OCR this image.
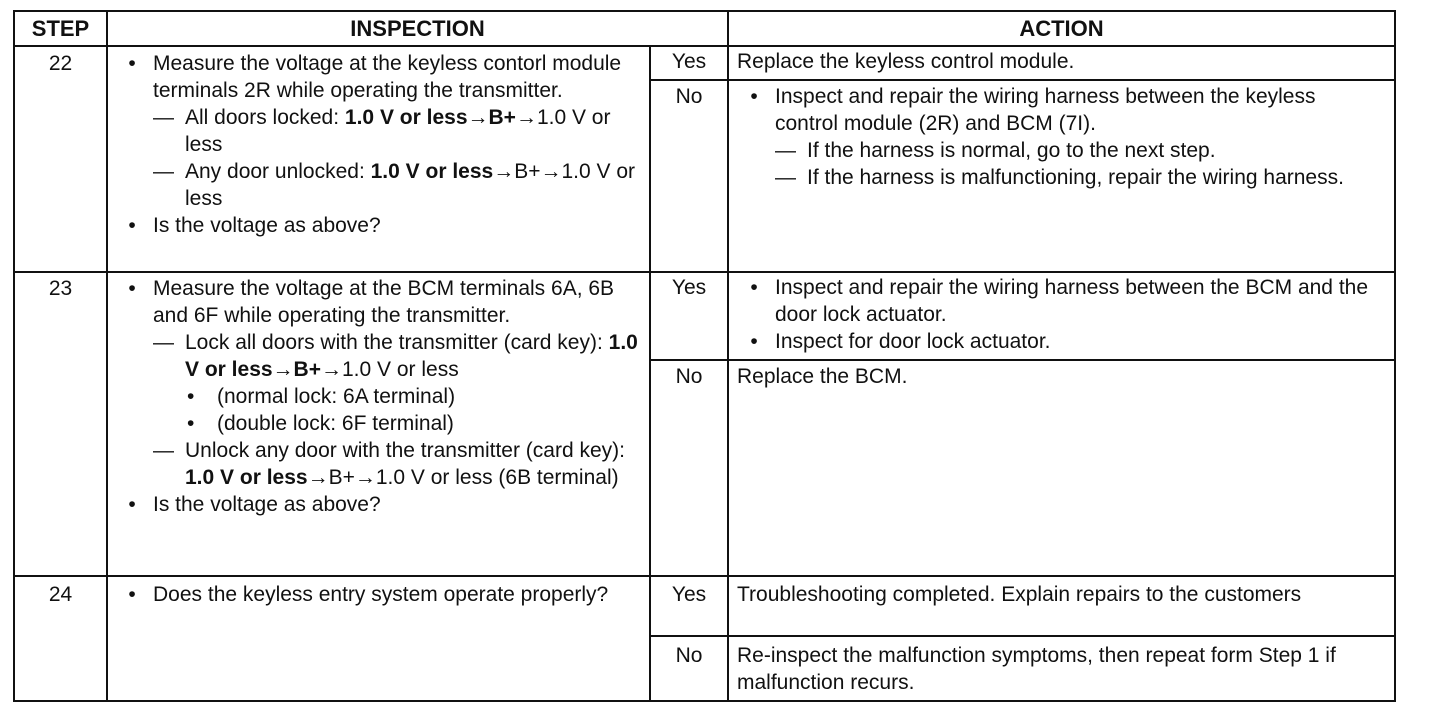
STEP	INSPECTION	ACTION
22	• Measure the voltage at the keyless contorl module terminals 2R while operating the transmitter.
— All doors locked: 1.0 V or less→B+→1.0 V or less
— Any door unlocked: 1.0 V or less→B+→1.0 V or less
• Is the voltage as above?
Yes	Replace the keyless control module.
No	• Inspect and repair the wiring harness between the keyless control module (2R) and BCM (7I).
— If the harness is normal, go to the next step.
— If the harness is malfunctioning, repair the wiring harness.
23	• Measure the voltage at the BCM terminals 6A, 6B and 6F while operating the transmitter.
— Lock all doors with the transmitter (card key): 1.0 V or less→B+→1.0 V or less
• (normal lock: 6A terminal)
• (double lock: 6F terminal)
— Unlock any door with the transmitter (card key): 1.0 V or less→B+→1.0 V or less (6B terminal)
• Is the voltage as above?
Yes	• Inspect and repair the wiring harness between the BCM and the door lock actuator.
• Inspect for door lock actuator.
No	Replace the BCM.
24	• Does the keyless entry system operate properly?	Yes	Troubleshooting completed. Explain repairs to the customers
No	Re-inspect the malfunction symptoms, then repeat form Step 1 if malfunction recurs.
